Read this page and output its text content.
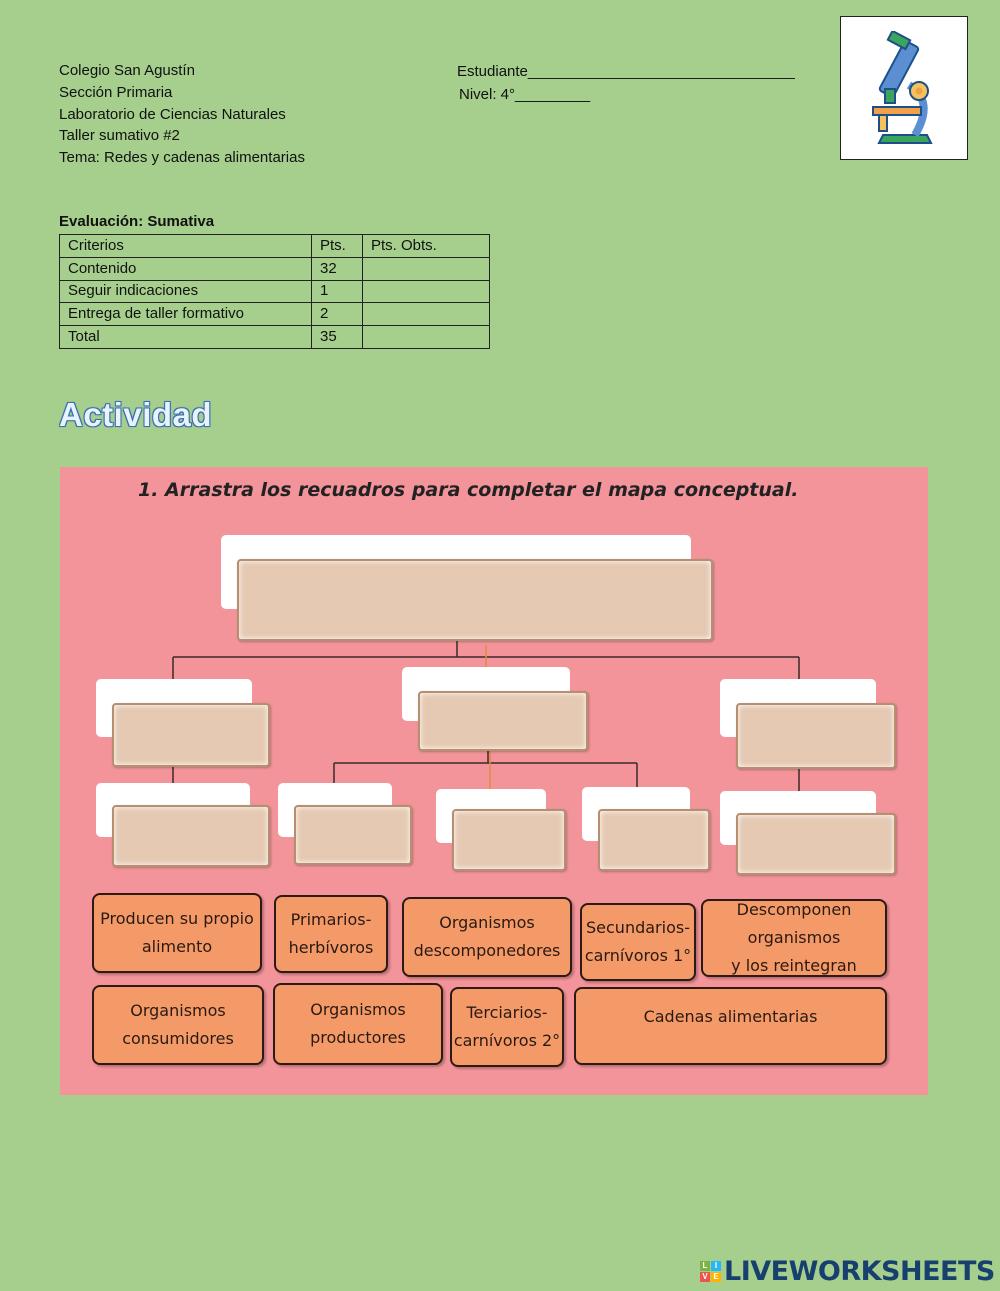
Colegio San Agustín
Sección Primaria
Laboratorio de Ciencias Naturales
Taller sumativo #2
Tema: Redes y cadenas alimentarias
Estudiante________________________________
Nivel: 4°_________
Evaluación: Sumativa
Criterios	Pts.	Pts. Obts.
Contenido	32	
Seguir indicaciones	1	
Entrega de taller formativo	2	
Total	35	
Actividad
1. Arrastra los recuadros para completar el mapa conceptual.
Producen su propio
alimento
Primarios-
herbívoros
Organismos
descomponedores
Secundarios-
carnívoros 1°
Descomponen organismos
y los reintegran
Organismos
consumidores
Organismos
productores
Terciarios-
carnívoros 2°
Cadenas alimentarias
L I
V E LIVEWORKSHEETS
